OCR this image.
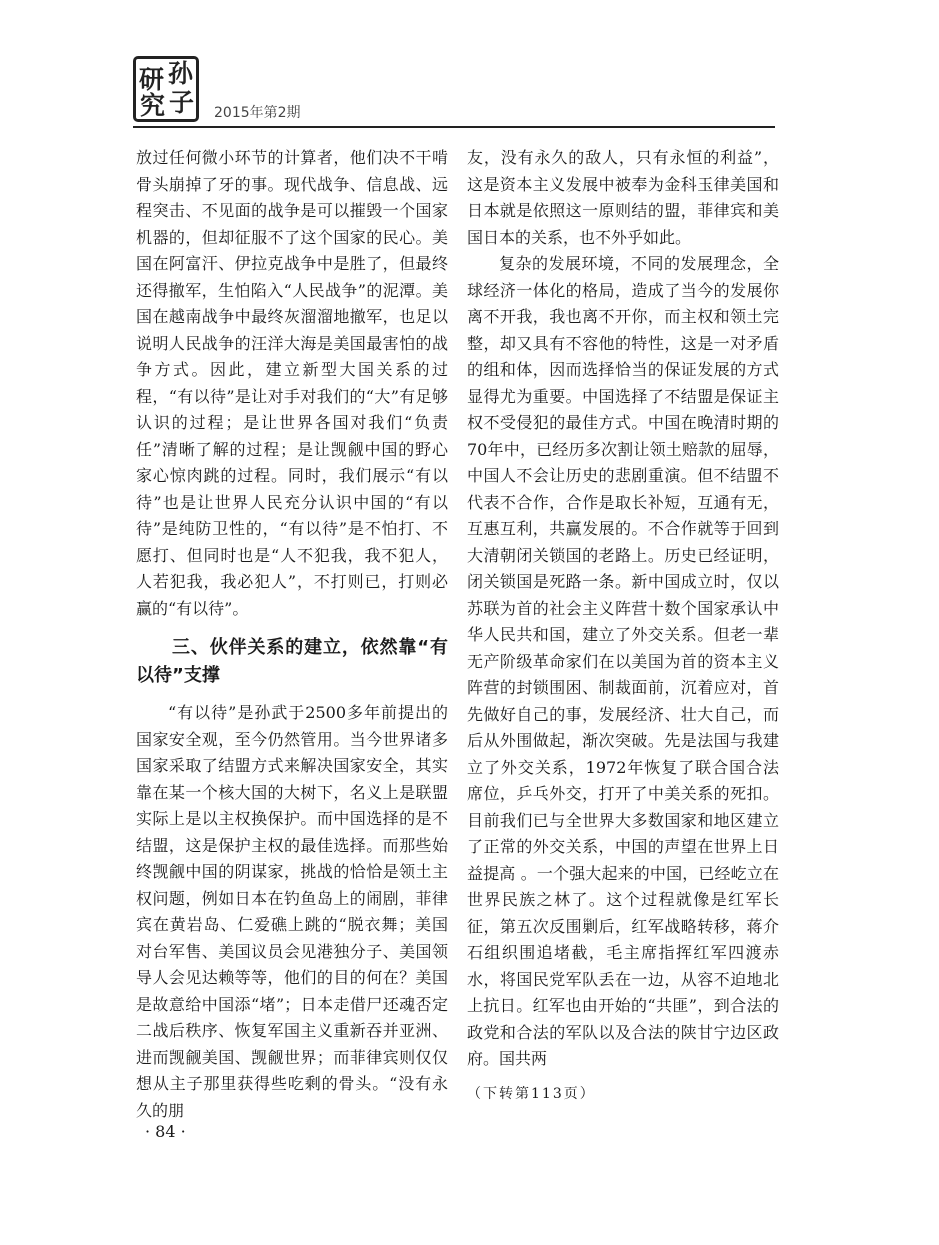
研 孙
究 子 2015年第2期

放过任何微小环节的计算者，他们决不干啃骨头崩掉了牙的事。现代战争、信息战、远程突击、不见面的战争是可以摧毁一个国家机器的，但却征服不了这个国家的民心。美国在阿富汗、伊拉克战争中是胜了，但最终还得撤军，生怕陷入“人民战争”的泥潭。美国在越南战争中最终灰溜溜地撤军，也足以说明人民战争的汪洋大海是美国最害怕的战争方式。因此，建立新型大国关系的过程，“有以待”是让对手对我们的“大”有足够认识的过程；是让世界各国对我们“负责任”清晰了解的过程；是让觊觎中国的野心家心惊肉跳的过程。同时，我们展示“有以待”也是让世界人民充分认识中国的“有以待”是纯防卫性的，“有以待”是不怕打、不愿打、但同时也是“人不犯我，我不犯人，人若犯我，我必犯人”，不打则已，打则必赢的“有以待”。

三、伙伴关系的建立，依然靠“有以待”支撑

“有以待”是孙武于2500多年前提出的国家安全观，至今仍然管用。当今世界诸多国家采取了结盟方式来解决国家安全，其实靠在某一个核大国的大树下，名义上是联盟实际上是以主权换保护。而中国选择的是不结盟，这是保护主权的最佳选择。而那些始终觊觎中国的阴谋家，挑战的恰恰是领土主权问题，例如日本在钓鱼岛上的闹剧，菲律宾在黄岩岛、仁爱礁上跳的“脱衣舞；美国对台军售、美国议员会见港独分子、美国领导人会见达赖等等，他们的目的何在？美国是故意给中国添“堵”；日本走借尸还魂否定二战后秩序、恢复军国主义重新吞并亚洲、进而觊觎美国、觊觎世界；而菲律宾则仅仅想从主子那里获得些吃剩的骨头。“没有永久的朋

友，没有永久的敌人，只有永恒的利益”，这是资本主义发展中被奉为金科玉律美国和日本就是依照这一原则结的盟，菲律宾和美国日本的关系，也不外乎如此。

复杂的发展环境，不同的发展理念，全球经济一体化的格局，造成了当今的发展你离不开我，我也离不开你，而主权和领土完整，却又具有不容他的特性，这是一对矛盾的组和体，因而选择恰当的保证发展的方式显得尤为重要。中国选择了不结盟是保证主权不受侵犯的最佳方式。中国在晚清时期的70年中，已经历多次割让领土赔款的屈辱，中国人不会让历史的悲剧重演。但不结盟不代表不合作，合作是取长补短，互通有无，互惠互利，共赢发展的。不合作就等于回到大清朝闭关锁国的老路上。历史已经证明，闭关锁国是死路一条。新中国成立时，仅以苏联为首的社会主义阵营十数个国家承认中华人民共和国，建立了外交关系。但老一辈无产阶级革命家们在以美国为首的资本主义阵营的封锁围困、制裁面前，沉着应对，首先做好自己的事，发展经济、壮大自己，而后从外围做起，渐次突破。先是法国与我建立了外交关系，1972年恢复了联合国合法席位，乒乓外交，打开了中美关系的死扣。目前我们已与全世界大多数国家和地区建立了正常的外交关系，中国的声望在世界上日益提高 。一个强大起来的中国，已经屹立在世界民族之林了。这个过程就像是红军长征，第五次反围剿后，红军战略转移，蒋介石组织围追堵截，毛主席指挥红军四渡赤水，将国民党军队丢在一边，从容不迫地北上抗日。红军也由开始的“共匪”，到合法的政党和合法的军队以及合法的陕甘宁边区政府。国共两

（下转第113页）

· 84 ·
